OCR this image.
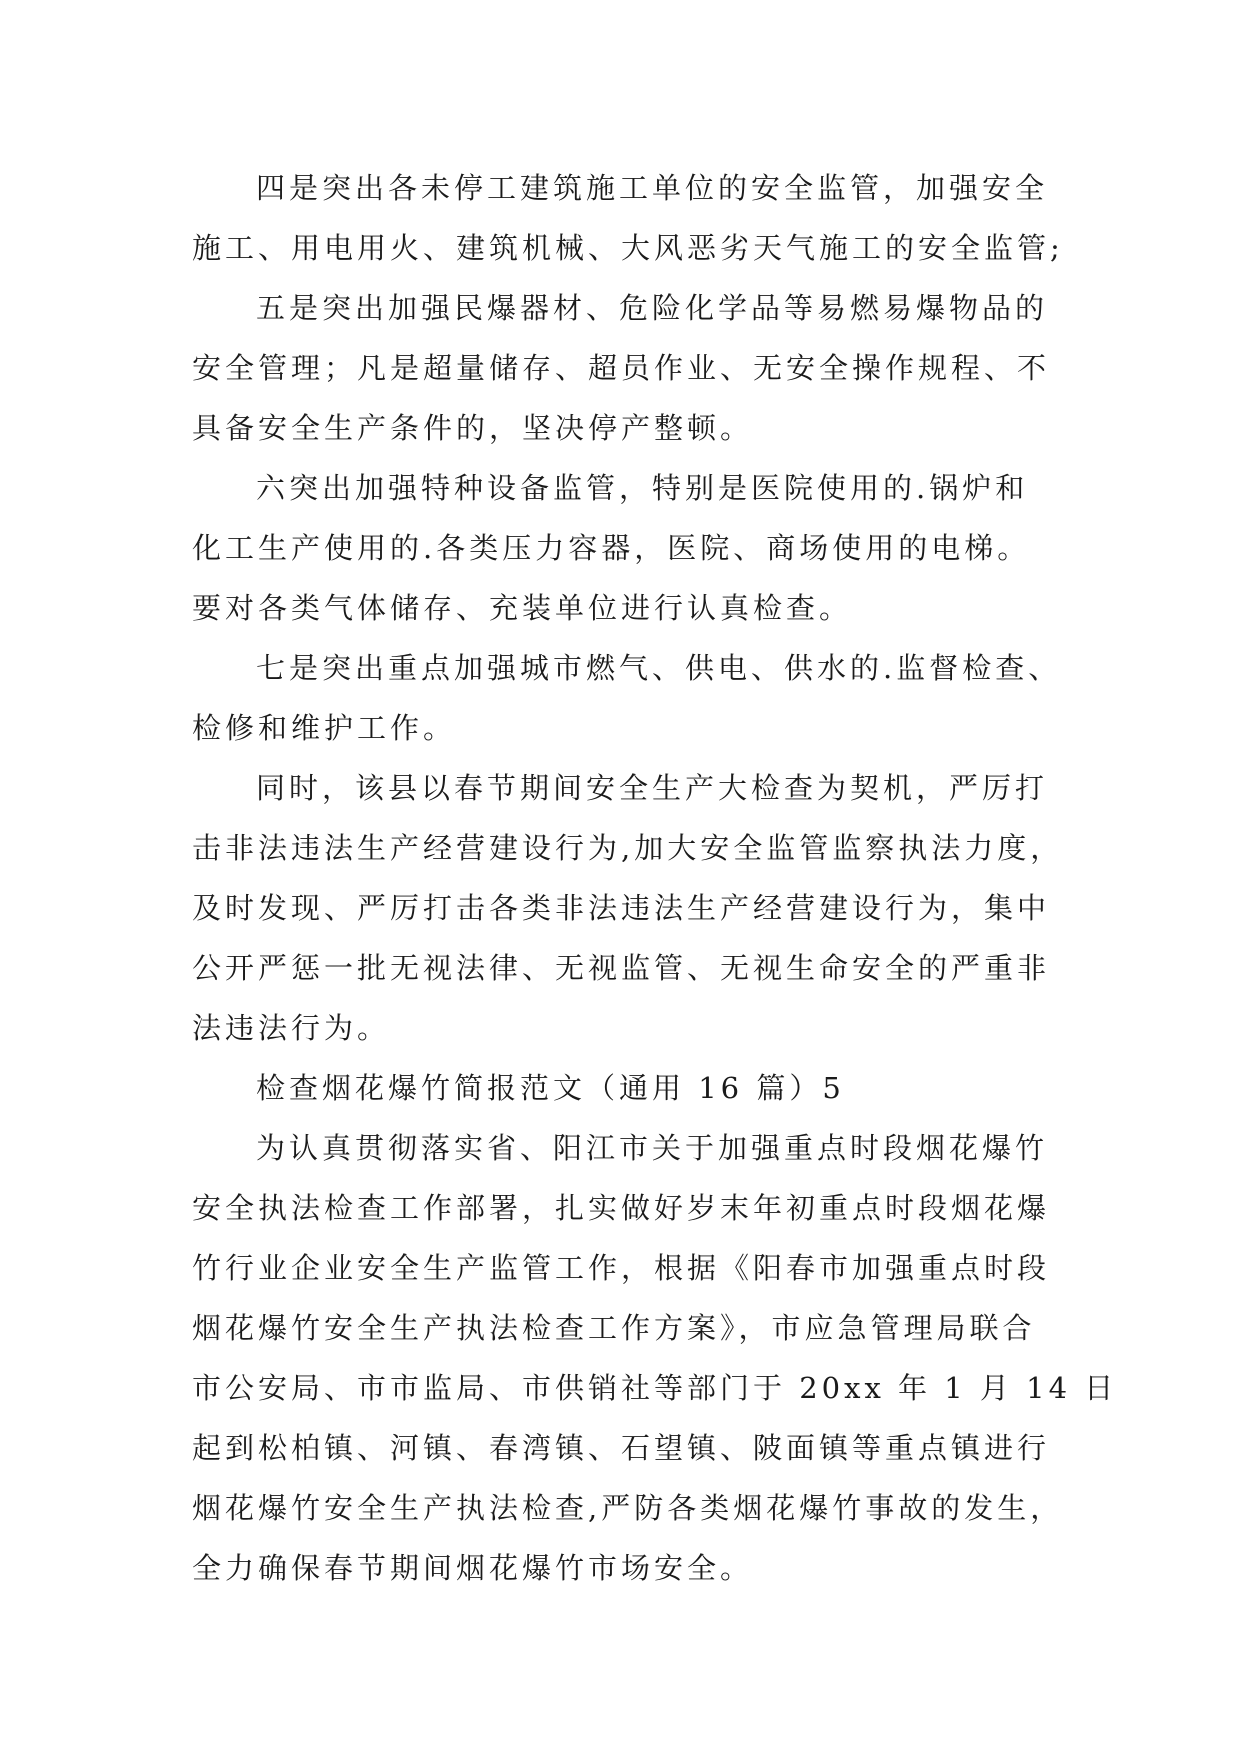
四是突出各未停工建筑施工单位的安全监管，加强安全
施工、用电用火、建筑机械、大风恶劣天气施工的安全监管;
五是突出加强民爆器材、危险化学品等易燃易爆物品的
安全管理；凡是超量储存、超员作业、无安全操作规程、不
具备安全生产条件的，坚决停产整顿。
六突出加强特种设备监管，特别是医院使用的.锅炉和
化工生产使用的.各类压力容器，医院、商场使用的电梯。
要对各类气体储存、充装单位进行认真检查。
七是突出重点加强城市燃气、供电、供水的.监督检查、
检修和维护工作。
同时，该县以春节期间安全生产大检查为契机，严厉打
击非法违法生产经营建设行为,加大安全监管监察执法力度，
及时发现、严厉打击各类非法违法生产经营建设行为，集中
公开严惩一批无视法律、无视监管、无视生命安全的严重非
法违法行为。
检查烟花爆竹简报范文（通用 16 篇）5
为认真贯彻落实省、阳江市关于加强重点时段烟花爆竹
安全执法检查工作部署，扎实做好岁末年初重点时段烟花爆
竹行业企业安全生产监管工作，根据《阳春市加强重点时段
烟花爆竹安全生产执法检查工作方案》，市应急管理局联合
市公安局、市市监局、市供销社等部门于 20xx 年 1 月 14 日
起到松柏镇、河镇、春湾镇、石望镇、陂面镇等重点镇进行
烟花爆竹安全生产执法检查,严防各类烟花爆竹事故的发生，
全力确保春节期间烟花爆竹市场安全。
